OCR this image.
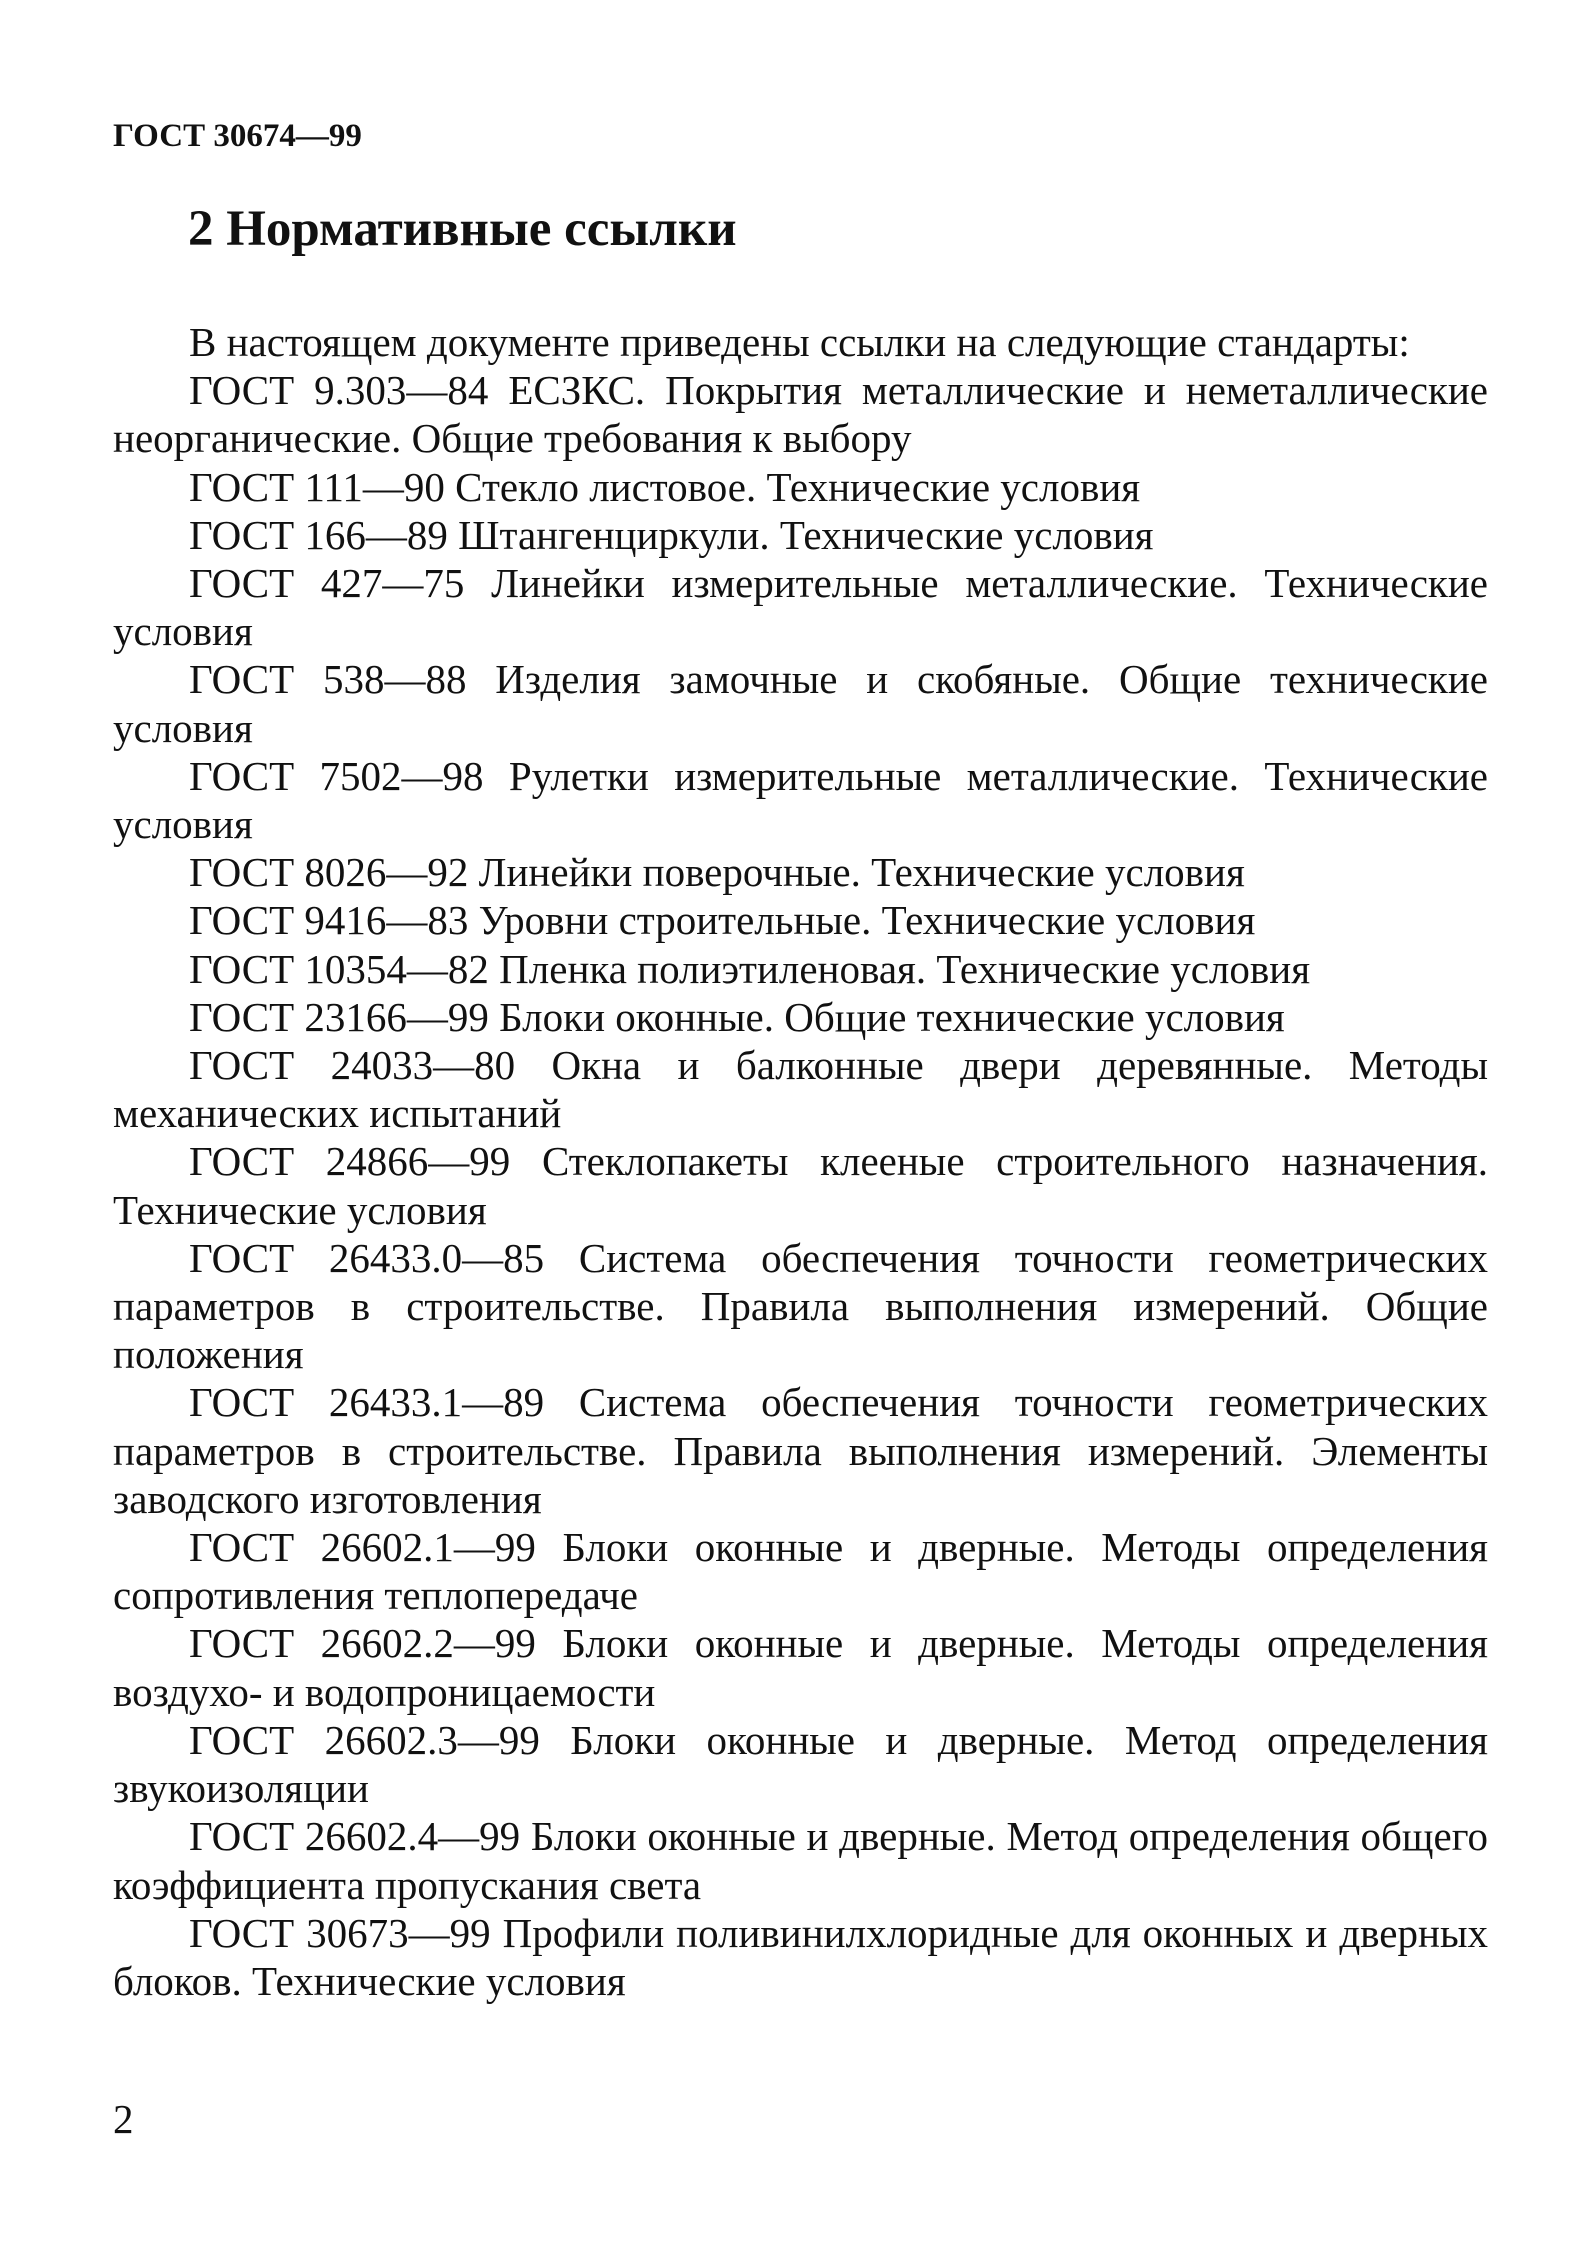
ГОСТ 30674—99
2 Нормативные ссылки

В настоящем документе приведены ссылки на следующие стандарты:

ГОСТ 9.303—84 ЕСЗКС. Покрытия металлические и неметаллические неорганические. Общие требования к выбору

ГОСТ 111—90 Стекло листовое. Технические условия

ГОСТ 166—89 Штангенциркули. Технические условия

ГОСТ 427—75 Линейки измерительные металлические. Технические условия

ГОСТ 538—88 Изделия замочные и скобяные. Общие технические условия

ГОСТ 7502—98 Рулетки измерительные металлические. Технические условия

ГОСТ 8026—92 Линейки поверочные. Технические условия

ГОСТ 9416—83 Уровни строительные. Технические условия

ГОСТ 10354—82 Пленка полиэтиленовая. Технические условия

ГОСТ 23166—99 Блоки оконные. Общие технические условия

ГОСТ 24033—80 Окна и балконные двери деревянные. Методы механических испытаний

ГОСТ 24866—99 Стеклопакеты клееные строительного назначения. Технические условия

ГОСТ 26433.0—85 Система обеспечения точности геометрических параметров в строительстве. Правила выполнения измерений. Общие положения

ГОСТ 26433.1—89 Система обеспечения точности геометрических параметров в строительстве. Правила выполнения измерений. Элементы заводского изготовления

ГОСТ 26602.1—99 Блоки оконные и дверные. Методы определения сопротивления теплопередаче

ГОСТ 26602.2—99 Блоки оконные и дверные. Методы определения воздухо- и водопроницаемости

ГОСТ 26602.3—99 Блоки оконные и дверные. Метод определения звукоизоляции

ГОСТ 26602.4—99 Блоки оконные и дверные. Метод определения общего коэффициента пропускания света

ГОСТ 30673—99 Профили поливинилхлоридные для оконных и дверных блоков. Технические условия

2
